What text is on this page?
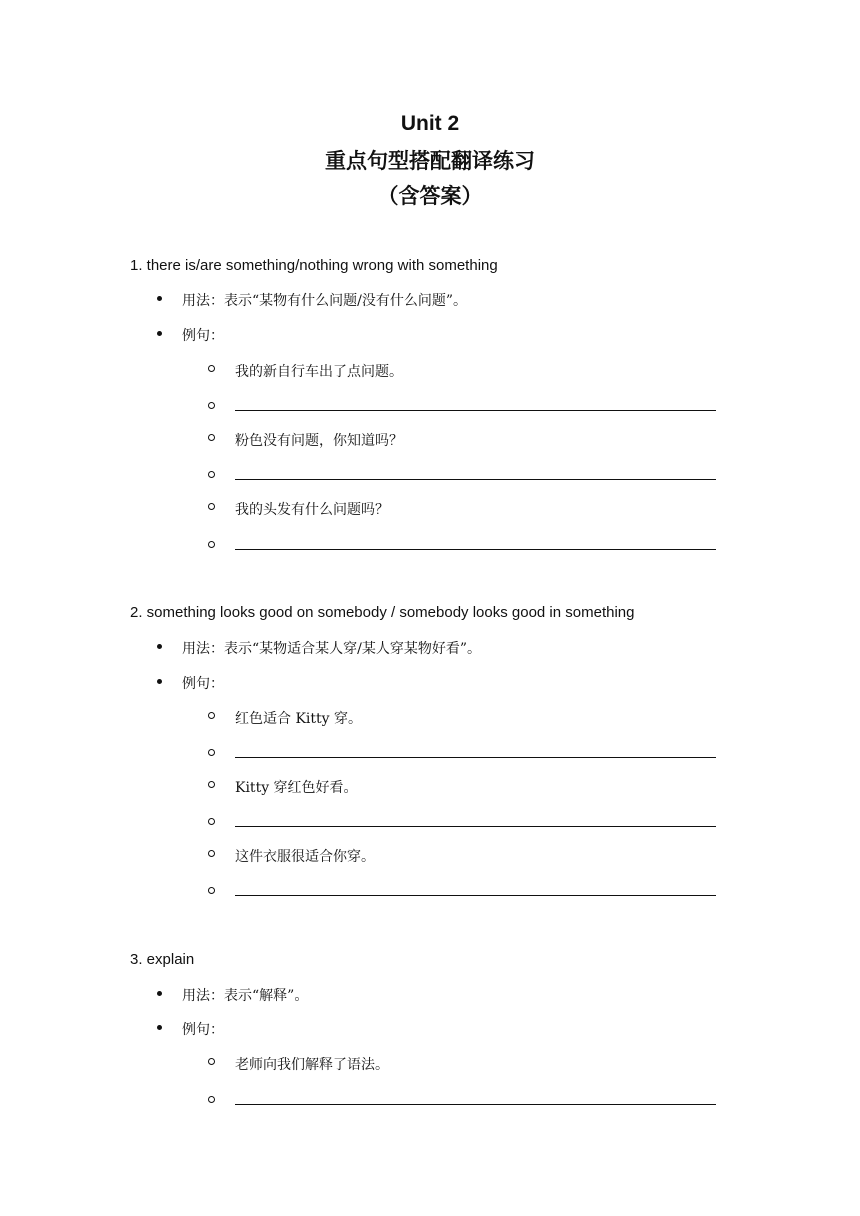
Unit 2
重点句型搭配翻译练习
（含答案）
1. there is/are something/nothing wrong with something
用法：表示“某物有什么问题/没有什么问题”。
例句：
我的新自行车出了点问题。
粉色没有问题，你知道吗？
我的头发有什么问题吗？
2. something looks good on somebody / somebody looks good in something
用法：表示“某物适合某人穿/某人穿某物好看”。
例句：
红色适合 Kitty 穿。
Kitty 穿红色好看。
这件衣服很适合你穿。
3. explain
用法：表示“解释”。
例句：
老师向我们解释了语法。
